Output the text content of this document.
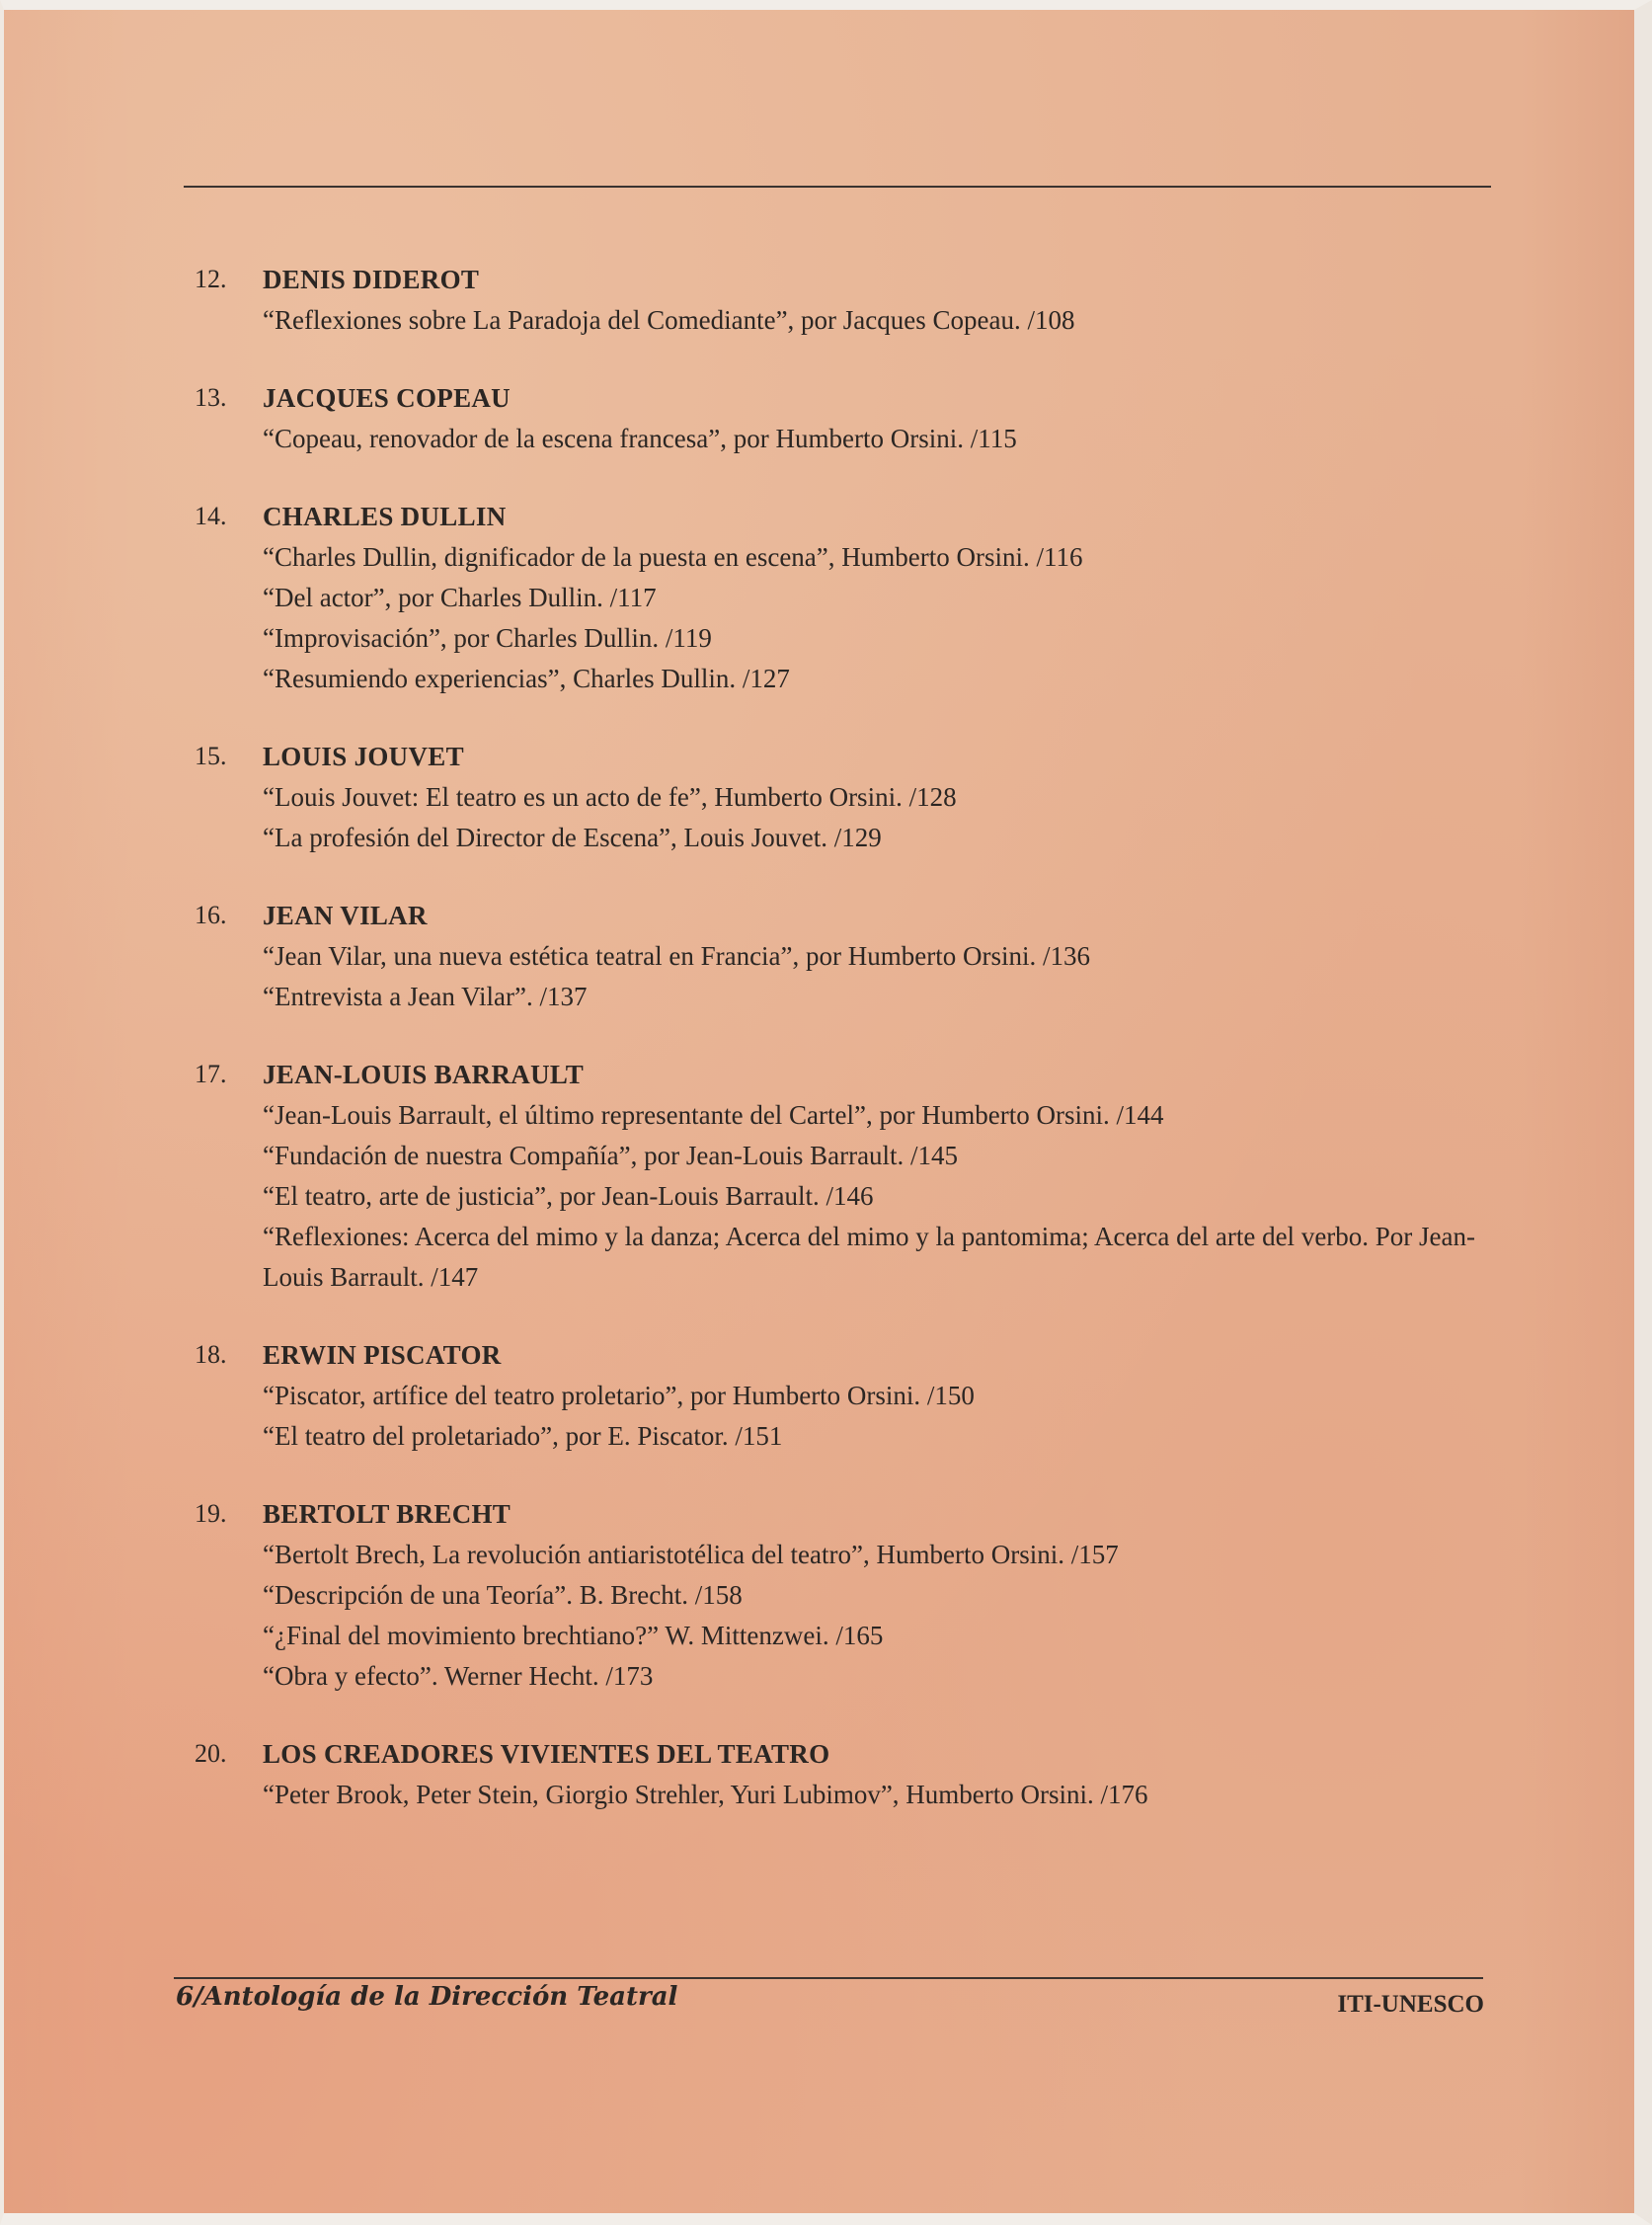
12.	DENIS DIDEROT
“Reflexiones sobre La Paradoja del Comediante”, por Jacques Copeau. /108
13.	JACQUES COPEAU
“Copeau, renovador de la escena francesa”, por Humberto Orsini. /115
14.	CHARLES DULLIN
“Charles Dullin, dignificador de la puesta en escena”, Humberto Orsini. /116
“Del actor”, por Charles Dullin. /117
“Improvisación”, por Charles Dullin. /119
“Resumiendo experiencias”, Charles Dullin. /127
15.	LOUIS JOUVET
“Louis Jouvet: El teatro es un acto de fe”, Humberto Orsini. /128
“La profesión del Director de Escena”, Louis Jouvet. /129
16.	JEAN VILAR
“Jean Vilar, una nueva estética teatral en Francia”, por Humberto Orsini. /136
“Entrevista a Jean Vilar”. /137
17.	JEAN-LOUIS BARRAULT
“Jean-Louis Barrault, el último representante del Cartel”, por Humberto Orsini. /144
“Fundación de nuestra Compañía”, por Jean-Louis Barrault. /145
“El teatro, arte de justicia”, por Jean-Louis Barrault. /146
“Reflexiones: Acerca del mimo y la danza; Acerca del mimo y la pantomima; Acerca del arte del verbo. Por Jean-Louis Barrault. /147
18.	ERWIN PISCATOR
“Piscator, artífice del teatro proletario”, por Humberto Orsini. /150
“El teatro del proletariado”, por E. Piscator. /151
19.	BERTOLT BRECHT
“Bertolt Brech, La revolución antiaristotélica del teatro”, Humberto Orsini. /157
“Descripción de una Teoría”. B. Brecht. /158
“¿Final del movimiento brechtiano?” W. Mittenzwei. /165
“Obra y efecto”. Werner Hecht. /173
20.	LOS CREADORES VIVIENTES DEL TEATRO
“Peter Brook, Peter Stein, Giorgio Strehler, Yuri Lubimov”, Humberto Orsini. /176
6/Antología de la Dirección Teatral	ITI-UNESCO
